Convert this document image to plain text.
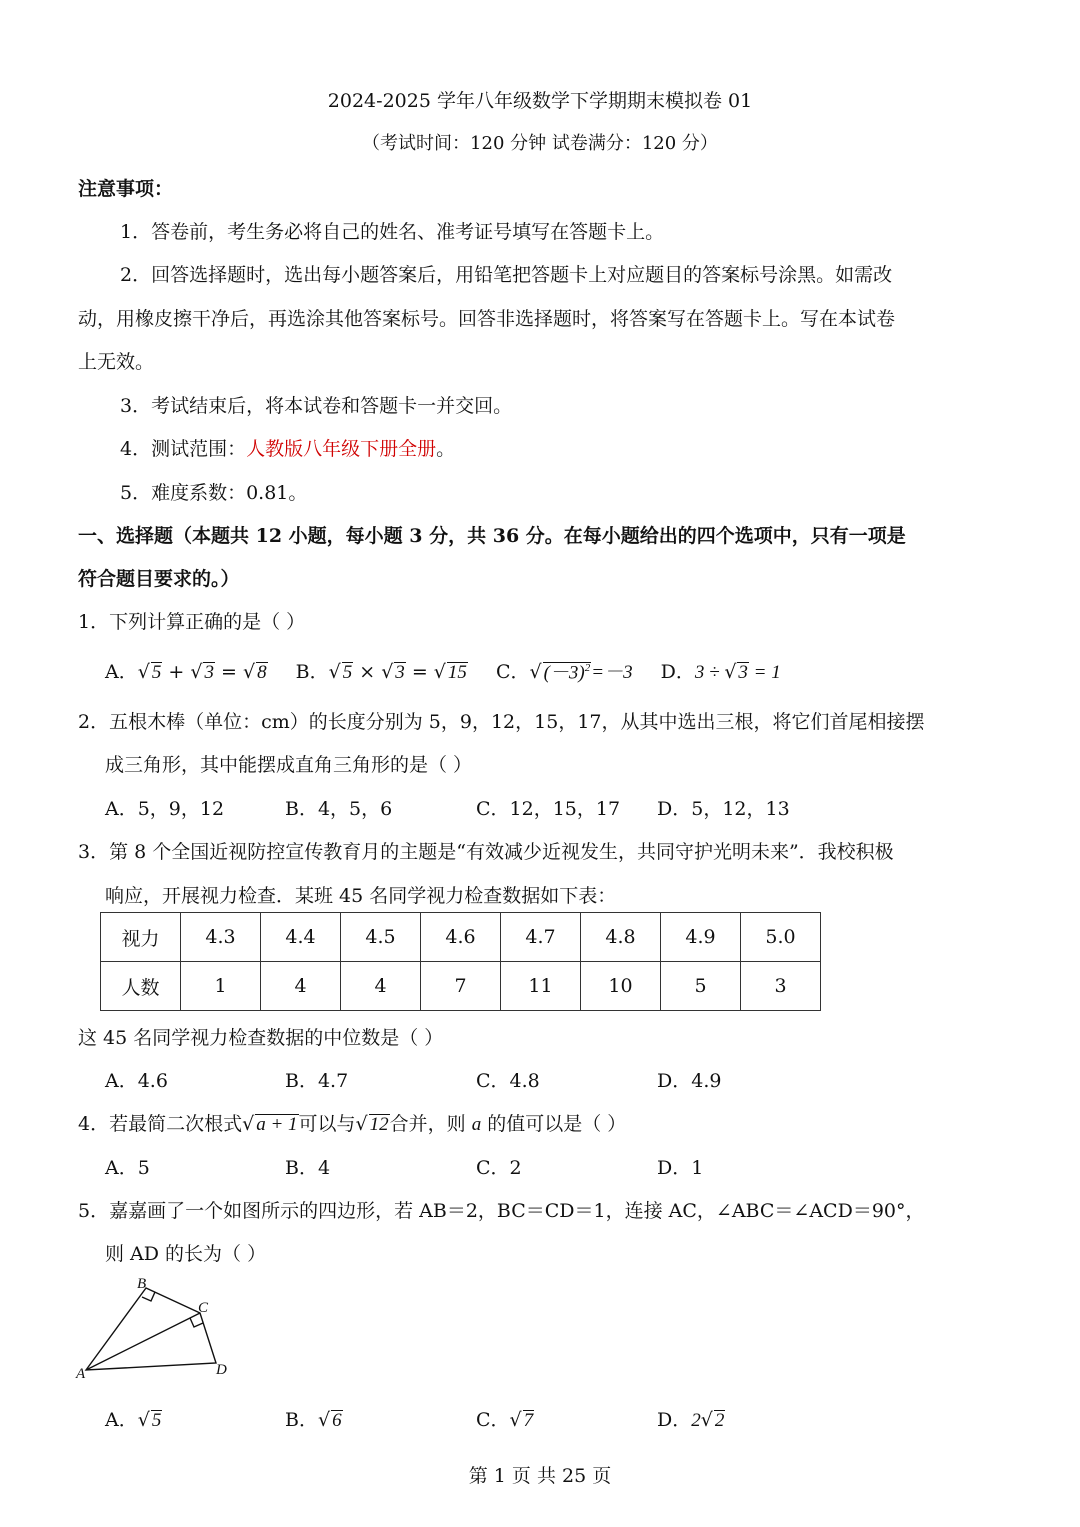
2024-2025 学年八年级数学下学期期末模拟卷 01
（考试时间：120 分钟 试卷满分：120 分）
注意事项：
1．答卷前，考生务必将自己的姓名、准考证号填写在答题卡上。
2．回答选择题时，选出每小题答案后，用铅笔把答题卡上对应题目的答案标号涂黑。如需改
动，用橡皮擦干净后，再选涂其他答案标号。回答非选择题时，将答案写在答题卡上。写在本试卷
上无效。
3．考试结束后，将本试卷和答题卡一并交回。
4．测试范围：人教版八年级下册全册。
5．难度系数：0.81。
一、选择题（本题共 12 小题，每小题 3 分，共 36 分。在每小题给出的四个选项中，只有一项是
符合题目要求的。）
1．下列计算正确的是（ ）
A．√ 5 + √ 3 = √ 8 B．√ 5 × √ 3 = √ 15 C．√ $(-3)^2=-3$ D．3 ÷ √ 3 = 1
2．五根木棒（单位：cm）的长度分别为 5，9，12，15，17，从其中选出三根，将它们首尾相接摆
成三角形，其中能摆成直角三角形的是（ ）
A．5，9，12	B．4，5，6	C．12，15，17 D．5，12，13
3．第 8 个全国近视防控宣传教育月的主题是“有效减少近视发生，共同守护光明未来”．我校积极
响应，开展视力检查．某班 45 名同学视力检查数据如下表：
视力	4.3	4.4	4.5	4.6	4.7	4.8	4.9	5.0
人数	1	4	4	7	11	10	5	3
这 45 名同学视力检查数据的中位数是（ ）
A．4.6	B．4.7	C．4.8	D．4.9
4．若最简二次根式√ a + 1可以与√ 12合并，则 a 的值可以是（ ）
A．5	B．4	C．2	D．1
5．嘉嘉画了一个如图所示的四边形，若 AB＝2，BC＝CD＝1，连接 AC，∠ABC＝∠ACD＝90°，
则 AD 的长为（ ）
A
B
C
D
A．√ 5	B．√ 6	C．√ 7	D．2√ 2
第 1 页 共 25 页
